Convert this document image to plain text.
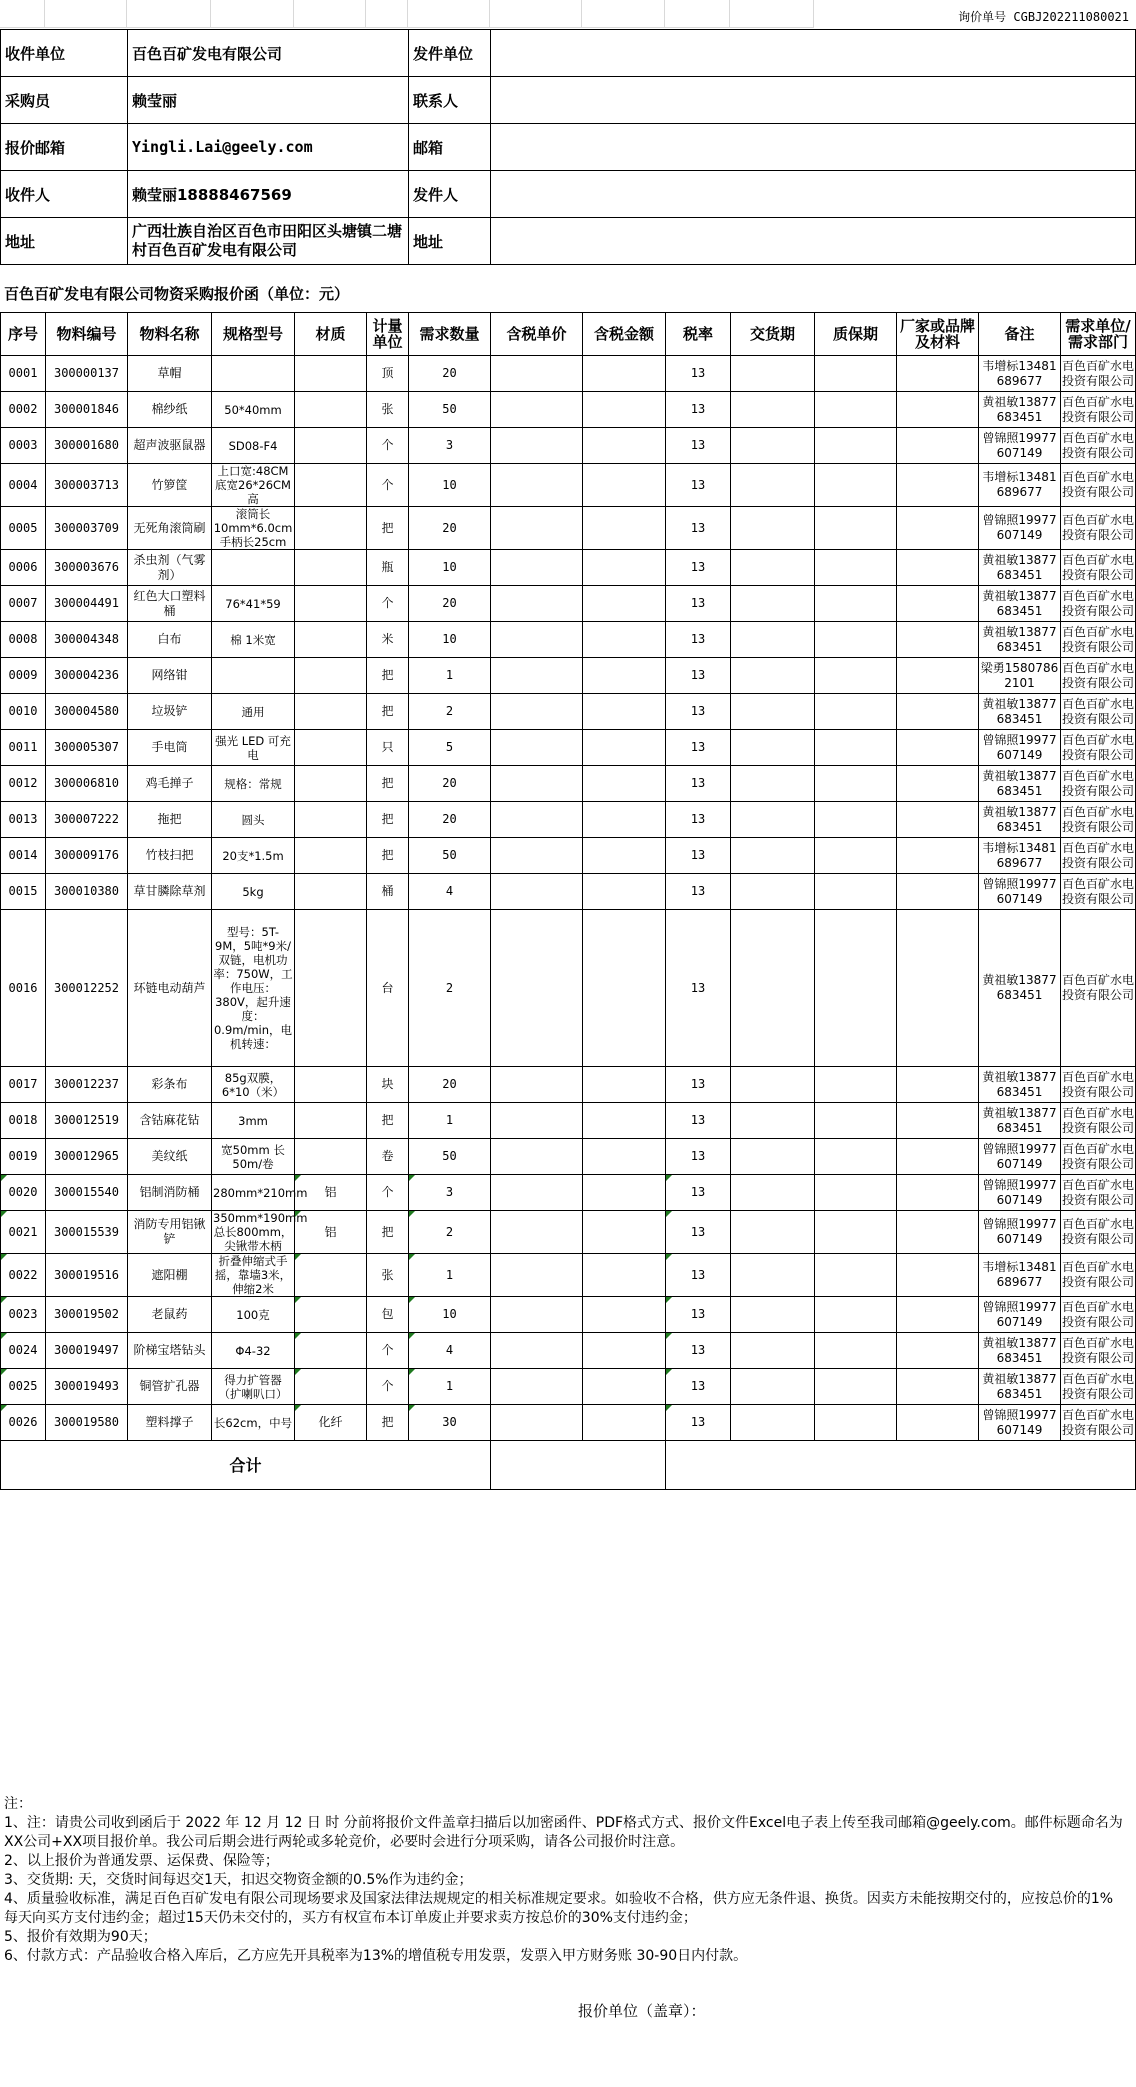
询价单号 CGBJ202211080021
收件单位	百色百矿发电有限公司	发件单位	
采购员	赖莹丽	联系人	
报价邮箱	Yingli.Lai@geely.com	邮箱	
收件人	赖莹丽18888467569	发件人	
地址	广西壮族自治区百色市田阳区头塘镇二塘村百色百矿发电有限公司	地址	
百色百矿发电有限公司物资采购报价函（单位：元）
序号	物料编号	物料名称	规格型号	材质	计量单位	需求数量	含税单价	含税金额	税率	交货期	质保期	厂家或品牌及材料	备注	需求单位/需求部门
0001	300000137	草帽			顶	20			13				韦增标13481689677	百色百矿水电投资有限公司
0002	300001846	棉纱纸	50*40mm		张	50			13				黄祖敏13877683451	百色百矿水电投资有限公司
0003	300001680	超声波驱鼠器	SD08-F4		个	3			13				曾锦照19977607149	百色百矿水电投资有限公司
0004	300003713	竹箩筐	上口宽:48CM 底宽26*26CM 高		个	10			13				韦增标13481689677	百色百矿水电投资有限公司
0005	300003709	无死角滚筒刷	滚筒长10mm*6.0cm手柄长25cm		把	20			13				曾锦照19977607149	百色百矿水电投资有限公司
0006	300003676	杀虫剂（气雾剂）			瓶	10			13				黄祖敏13877683451	百色百矿水电投资有限公司
0007	300004491	红色大口塑料桶	76*41*59		个	20			13				黄祖敏13877683451	百色百矿水电投资有限公司
0008	300004348	白布	棉 1米宽		米	10			13				黄祖敏13877683451	百色百矿水电投资有限公司
0009	300004236	网络钳			把	1			13				梁勇15807862101	百色百矿水电投资有限公司
0010	300004580	垃圾铲	通用		把	2			13				黄祖敏13877683451	百色百矿水电投资有限公司
0011	300005307	手电筒	强光 LED 可充电		只	5			13				曾锦照19977607149	百色百矿水电投资有限公司
0012	300006810	鸡毛掸子	规格：常规		把	20			13				黄祖敏13877683451	百色百矿水电投资有限公司
0013	300007222	拖把	圆头		把	20			13				黄祖敏13877683451	百色百矿水电投资有限公司
0014	300009176	竹枝扫把	20支*1.5m		把	50			13				韦增标13481689677	百色百矿水电投资有限公司
0015	300010380	草甘膦除草剂	5kg		桶	4			13				曾锦照19977607149	百色百矿水电投资有限公司
0016	300012252	环链电动葫芦	型号：5T-9M，5吨*9米/双链，电机功率：750W，工作电压：380V，起升速度：0.9m/min，电机转速：		台	2			13				黄祖敏13877683451	百色百矿水电投资有限公司
0017	300012237	彩条布	85g双膜，6*10（米）		块	20			13				黄祖敏13877683451	百色百矿水电投资有限公司
0018	300012519	含钴麻花钻	3mm		把	1			13				黄祖敏13877683451	百色百矿水电投资有限公司
0019	300012965	美纹纸	宽50mm 长50m/卷		卷	50			13				曾锦照19977607149	百色百矿水电投资有限公司
0020	300015540	铝制消防桶	280mm*210mm	铝	个	3			13				曾锦照19977607149	百色百矿水电投资有限公司
0021	300015539	消防专用铝锹铲	350mm*190mm总长800mm，尖锹带木柄	铝	把	2			13				曾锦照19977607149	百色百矿水电投资有限公司
0022	300019516	遮阳棚	折叠伸缩式手摇，靠墙3米，伸缩2米		张	1			13				韦增标13481689677	百色百矿水电投资有限公司
0023	300019502	老鼠药	100克		包	10			13				曾锦照19977607149	百色百矿水电投资有限公司
0024	300019497	阶梯宝塔钻头	Φ4-32		个	4			13				黄祖敏13877683451	百色百矿水电投资有限公司
0025	300019493	铜管扩孔器	得力扩管器（扩喇叭口）		个	1			13				黄祖敏13877683451	百色百矿水电投资有限公司
0026	300019580	塑料撑子	长62cm，中号	化纤	把	30			13				曾锦照19977607149	百色百矿水电投资有限公司
合计														
注：
1、注：请贵公司收到函后于 2022 年 12 月 12 日 时 分前将报价文件盖章扫描后以加密函件、PDF格式方式、报价文件Excel电子表上传至我司邮箱@geely.com。邮件标题命名为XX公司+XX项目报价单。我公司后期会进行两轮或多轮竞价，必要时会进行分项采购，请各公司报价时注意。
2、以上报价为普通发票、运保费、保险等；
3、交货期: 天，交货时间每迟交1天，扣迟交物资金额的0.5%作为违约金；
4、质量验收标准，满足百色百矿发电有限公司现场要求及国家法律法规规定的相关标准规定要求。如验收不合格，供方应无条件退、换货。因卖方未能按期交付的，应按总价的1% 每天向买方支付违约金；超过15天仍未交付的，买方有权宣布本订单废止并要求卖方按总价的30%支付违约金；
5、报价有效期为90天；
6、付款方式：产品验收合格入库后，乙方应先开具税率为13%的增值税专用发票，发票入甲方财务账 30-90日内付款。
报价单位（盖章）：
